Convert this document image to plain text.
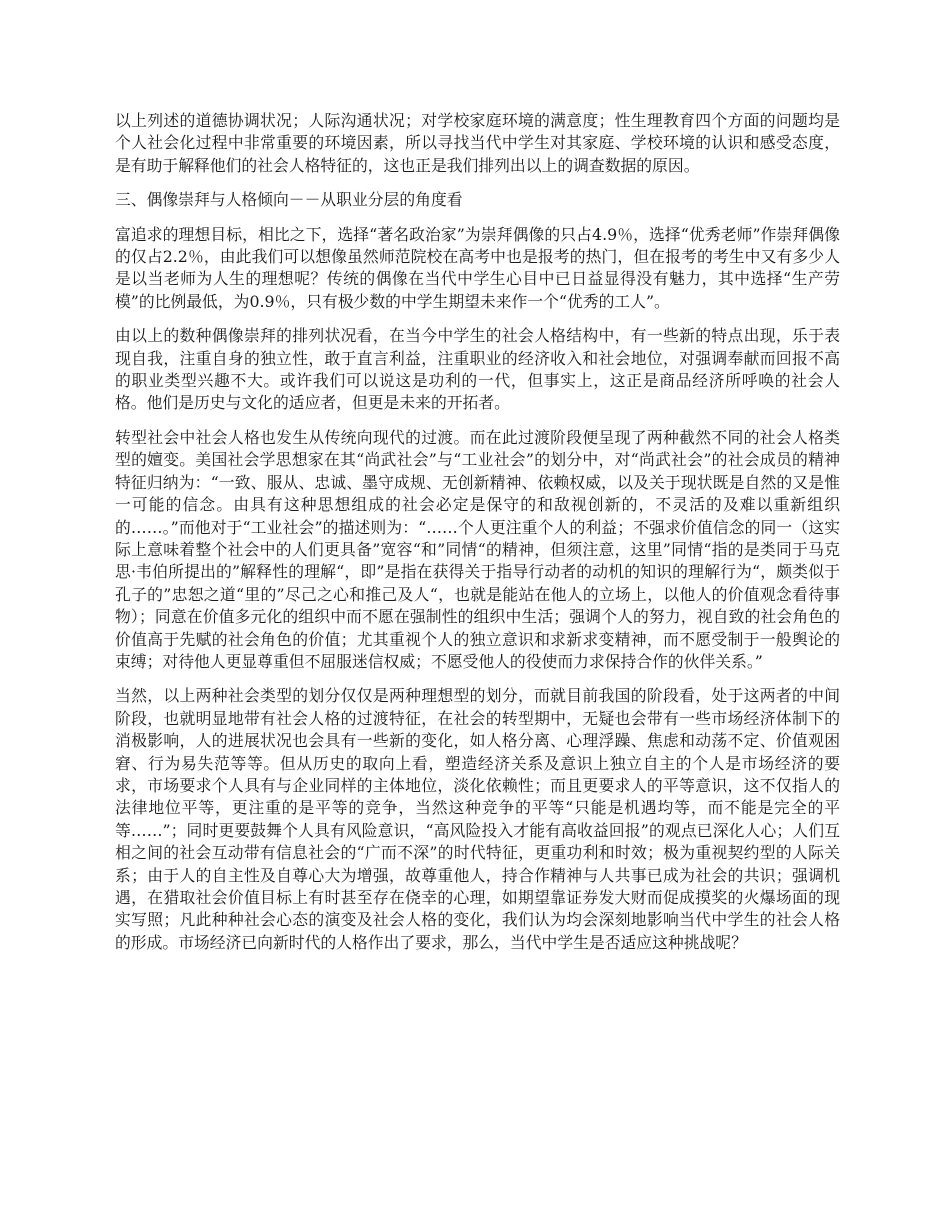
以上列述的道德协调状况；人际沟通状况；对学校家庭环境的满意度；性生理教育四个方面的问题均是个人社会化过程中非常重要的环境因素，所以寻找当代中学生对其家庭、学校环境的认识和感受态度，是有助于解释他们的社会人格特征的，这也正是我们排列出以上的调查数据的原因。

三、偶像崇拜与人格倾向－－从职业分层的角度看

富追求的理想目标，相比之下，选择“著名政治家”为崇拜偶像的只占4.9％，选择“优秀老师”作崇拜偶像的仅占2.2％，由此我们可以想像虽然师范院校在高考中也是报考的热门，但在报考的考生中又有多少人是以当老师为人生的理想呢？传统的偶像在当代中学生心目中已日益显得没有魅力，其中选择“生产劳模”的比例最低，为0.9％，只有极少数的中学生期望未来作一个“优秀的工人”。

由以上的数种偶像崇拜的排列状况看，在当今中学生的社会人格结构中，有一些新的特点出现，乐于表现自我，注重自身的独立性，敢于直言利益，注重职业的经济收入和社会地位，对强调奉献而回报不高的职业类型兴趣不大。或许我们可以说这是功利的一代，但事实上，这正是商品经济所呼唤的社会人格。他们是历史与文化的适应者，但更是未来的开拓者。

转型社会中社会人格也发生从传统向现代的过渡。而在此过渡阶段便呈现了两种截然不同的社会人格类型的嬗变。美国社会学思想家在其“尚武社会”与“工业社会”的划分中，对“尚武社会”的社会成员的精神特征归纳为：“一致、服从、忠诚、墨守成规、无创新精神、依赖权威，以及关于现状既是自然的又是惟一可能的信念。由具有这种思想组成的社会必定是保守的和敌视创新的，不灵活的及难以重新组织的……。”而他对于“工业社会”的描述则为：“……个人更注重个人的利益；不强求价值信念的同一（这实际上意味着整个社会中的人们更具备”宽容“和”同情“的精神，但须注意，这里”同情“指的是类同于马克思·韦伯所提出的”解释性的理解“，即”是指在获得关于指导行动者的动机的知识的理解行为“，颇类似于孔子的”忠恕之道“里的”尽己之心和推己及人“，也就是能站在他人的立场上，以他人的价值观念看待事物）；同意在价值多元化的组织中而不愿在强制性的组织中生活；强调个人的努力，视自致的社会角色的价值高于先赋的社会角色的价值；尤其重视个人的独立意识和求新求变精神，而不愿受制于一般舆论的束缚；对待他人更显尊重但不屈服迷信权威；不愿受他人的役使而力求保持合作的伙伴关系。”

当然，以上两种社会类型的划分仅仅是两种理想型的划分，而就目前我国的阶段看，处于这两者的中间阶段，也就明显地带有社会人格的过渡特征，在社会的转型期中，无疑也会带有一些市场经济体制下的消极影响，人的进展状况也会具有一些新的变化，如人格分离、心理浮躁、焦虑和动荡不定、价值观困窘、行为易失范等等。但从历史的取向上看，塑造经济关系及意识上独立自主的个人是市场经济的要求，市场要求个人具有与企业同样的主体地位，淡化依赖性；而且更要求人的平等意识，这不仅指人的法律地位平等，更注重的是平等的竞争，当然这种竞争的平等“只能是机遇均等，而不能是完全的平等……”；同时更要鼓舞个人具有风险意识，“高风险投入才能有高收益回报”的观点已深化人心；人们互相之间的社会互动带有信息社会的“广而不深”的时代特征，更重功利和时效；极为重视契约型的人际关系；由于人的自主性及自尊心大为增强，故尊重他人，持合作精神与人共事已成为社会的共识；强调机遇，在猎取社会价值目标上有时甚至存在侥幸的心理，如期望靠证券发大财而促成摸奖的火爆场面的现实写照；凡此种种社会心态的演变及社会人格的变化，我们认为均会深刻地影响当代中学生的社会人格的形成。市场经济已向新时代的人格作出了要求，那么，当代中学生是否适应这种挑战呢？
